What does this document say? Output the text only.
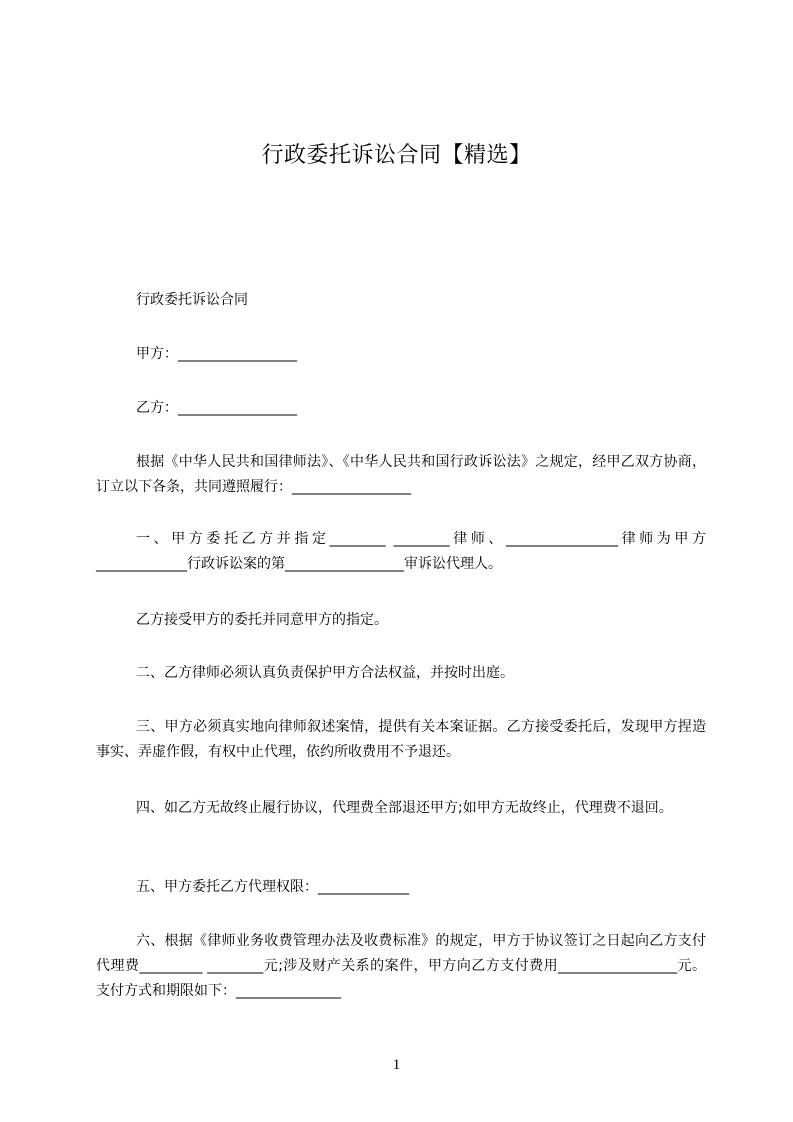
行政委托诉讼合同【精选】

行政委托诉讼合同

甲方：_________________

乙方：_________________

根据《中华人民共和国律师法》、《中华人民共和国行政诉讼法》之规定，经甲乙双方协商，订立以下各条，共同遵照履行：_________________

一、甲方委托乙方并指定________ ________律师、________________律师为甲方_____________行政诉讼案的第_________________审诉讼代理人。

乙方接受甲方的委托并同意甲方的指定。

二、乙方律师必须认真负责保护甲方合法权益，并按时出庭。

三、甲方必须真实地向律师叙述案情，提供有关本案证据。乙方接受委托后，发现甲方捏造事实、弄虚作假，有权中止代理，依约所收费用不予退还。

四、如乙方无故终止履行协议，代理费全部退还甲方;如甲方无故终止，代理费不退回。

五、甲方委托乙方代理权限：_____________

六、根据《律师业务收费管理办法及收费标准》的规定，甲方于协议签订之日起向乙方支付代理费_________ ________元;涉及财产关系的案件，甲方向乙方支付费用_________________元。支付方式和期限如下：_______________

1
